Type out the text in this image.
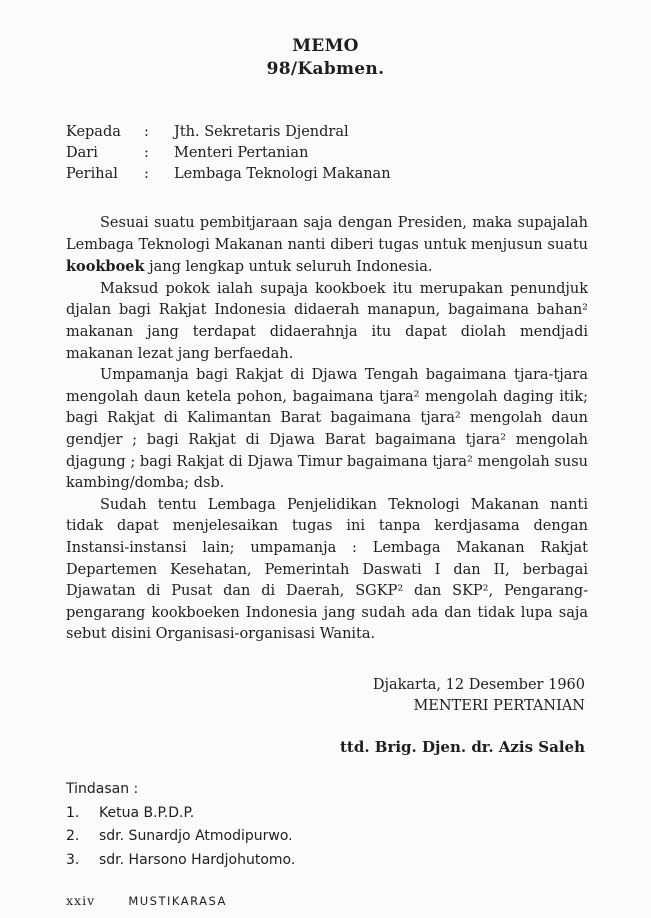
MEMO
98/Kabmen.
Kepada	:	Jth. Sekretaris Djendral
Dari	:	Menteri Pertanian
Perihal	:	Lembaga Teknologi Makanan

Sesuai suatu pembitjaraan saja dengan Presiden, maka supajalah Lembaga Teknologi Makanan nanti diberi tugas untuk menjusun suatu kookboek jang lengkap untuk seluruh Indonesia.

Maksud pokok ialah supaja kookboek itu merupakan penundjuk djalan bagi Rakjat Indonesia didaerah manapun, bagaimana bahan² makanan jang terdapat didaerahnja itu dapat diolah mendjadi makanan lezat jang berfaedah.

Umpamanja bagi Rakjat di Djawa Tengah bagaimana tjara-tjara mengolah daun ketela pohon, bagaimana tjara² mengolah daging itik; bagi Rakjat di Kalimantan Barat bagaimana tjara² mengolah daun gendjer ; bagi Rakjat di Djawa Barat bagaimana tjara² mengolah djagung ; bagi Rakjat di Djawa Timur bagaimana tjara² mengolah susu kambing/domba; dsb.

Sudah tentu Lembaga Penjelidikan Teknologi Makanan nanti tidak dapat menjelesaikan tugas ini tanpa kerdjasama dengan Instansi-instansi lain; umpamanja : Lembaga Makanan Rakjat Departemen Kesehatan, Pemerintah Daswati I dan II, berbagai Djawatan di Pusat dan di Daerah, SGKP² dan SKP², Pengarang-pengarang kookboeken Indonesia jang sudah ada dan tidak lupa saja sebut disini Organisasi-organisasi Wanita.

Djakarta, 12 Desember 1960
MENTERI PERTANIAN
ttd. Brig. Djen. dr. Azis Saleh
Tindasan :
1.	Ketua B.P.D.P.
2.	sdr. Sunardjo Atmodipurwo.
3.	sdr. Harsono Hardjohutomo.
xxiv	MUSTIKARASA
